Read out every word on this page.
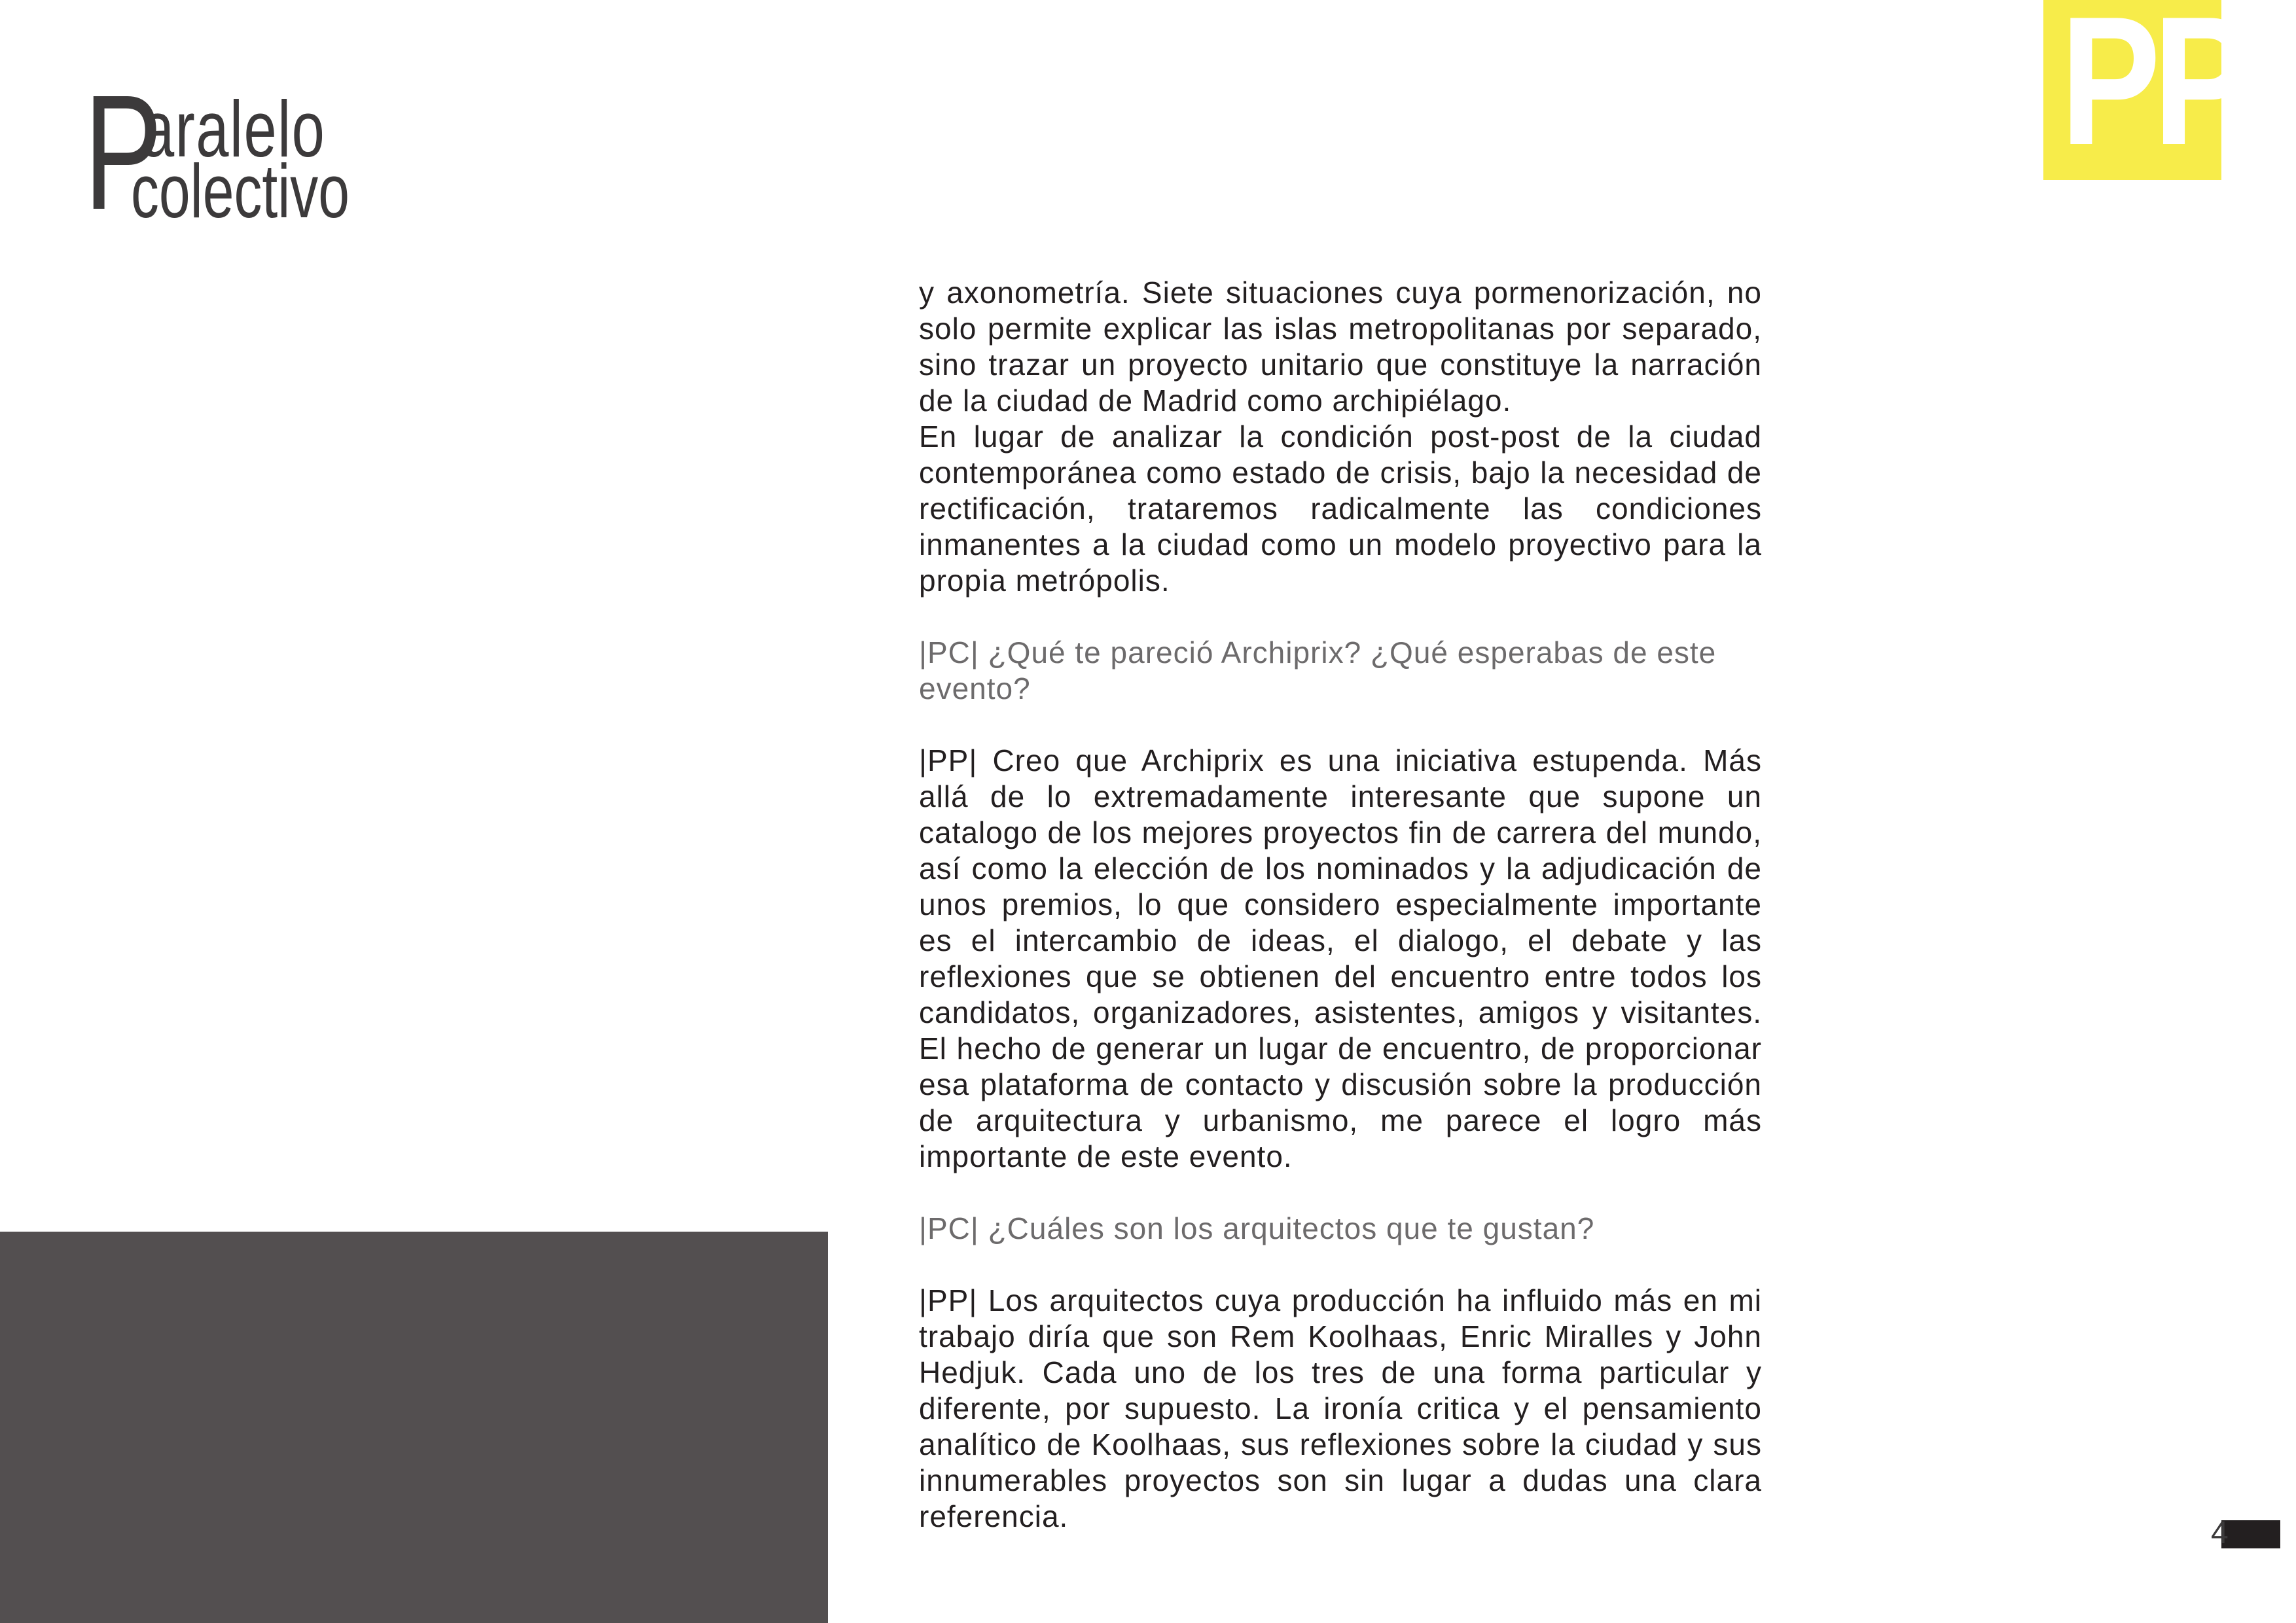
P
aralelo
colectivo
PP

y axonometría. Siete situaciones cuya pormenorización, no solo permite explicar las islas metropolitanas por separado, sino trazar un proyecto unitario que constituye la narración de la ciudad de Madrid como archipiélago.

En lugar de analizar la condición post-post de la ciudad contemporánea como estado de crisis, bajo la necesidad de rectificación, trataremos radicalmente las condiciones inmanentes a la ciudad como un modelo proyectivo para la propia metrópolis.

|PC| ¿Qué te pareció Archiprix? ¿Qué esperabas de este evento?

|PP| Creo que Archiprix es una iniciativa estupenda. Más allá de lo extremadamente interesante que supone un catalogo de los mejores proyectos fin de carrera del mundo, así como la elección de los nominados y la adjudicación de unos premios, lo que considero especialmente importante es el intercambio de ideas, el dialogo, el debate y las reflexiones que se obtienen del encuentro entre todos los candidatos, organizadores, asistentes, amigos y visitantes. El hecho de generar un lugar de encuentro, de proporcionar esa plataforma de contacto y discusión sobre la producción de arquitectura y urbanismo, me parece el logro más importante de este evento.

|PC| ¿Cuáles son los arquitectos que te gustan?

|PP| Los arquitectos cuya producción ha influido más en mi trabajo diría que son Rem Koolhaas, Enric Miralles y John Hedjuk. Cada uno de los tres de una forma particular y diferente, por supuesto. La ironía critica y el pensamiento analítico de Koolhaas, sus reflexiones sobre la ciudad y sus innumerables proyectos son sin lugar a dudas una clara referencia.	4
